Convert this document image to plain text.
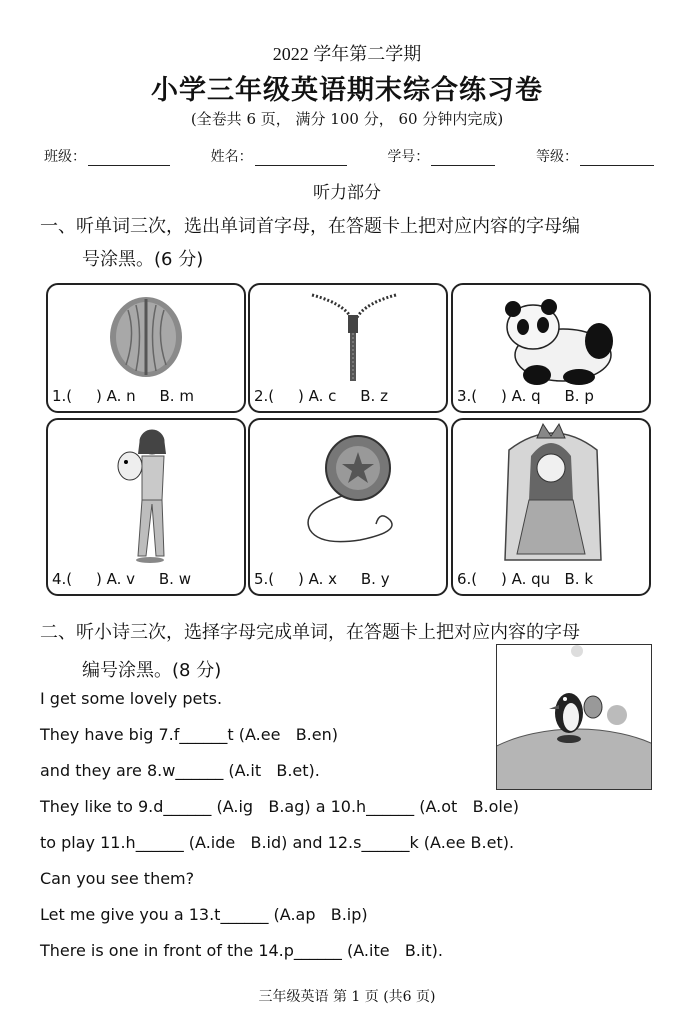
2022 学年第二学期
小学三年级英语期末综合练习卷
(全卷共 6 页， 满分 100 分， 60 分钟内完成)
班级：	姓名：	学号：	等级：
听力部分
一、听单词三次，选出单词首字母，在答题卡上把对应内容的字母编
号涂黑。(6 分)
1.(     ) A. n     B. m	2.(     ) A. c     B. z	3.(     ) A. q     B. p
4.(     ) A. v     B. w	5.(     ) A. x     B. y	6.(     ) A. qu   B. k
二、听小诗三次，选择字母完成单词，在答题卡上把对应内容的字母
编号涂黑。(8 分)
I get some lovely pets.
They have big 7.f______t (A.ee   B.en)
and they are 8.w______ (A.it   B.et).
They like to 9.d______ (A.ig   B.ag) a 10.h______ (A.ot   B.ole)
to play 11.h______ (A.ide   B.id) and 12.s______k (A.ee B.et).
Can you see them?
Let me give you a 13.t______ (A.ap   B.ip)
There is one in front of the 14.p______ (A.ite   B.it).
三年级英语 第 1 页 (共6 页)
